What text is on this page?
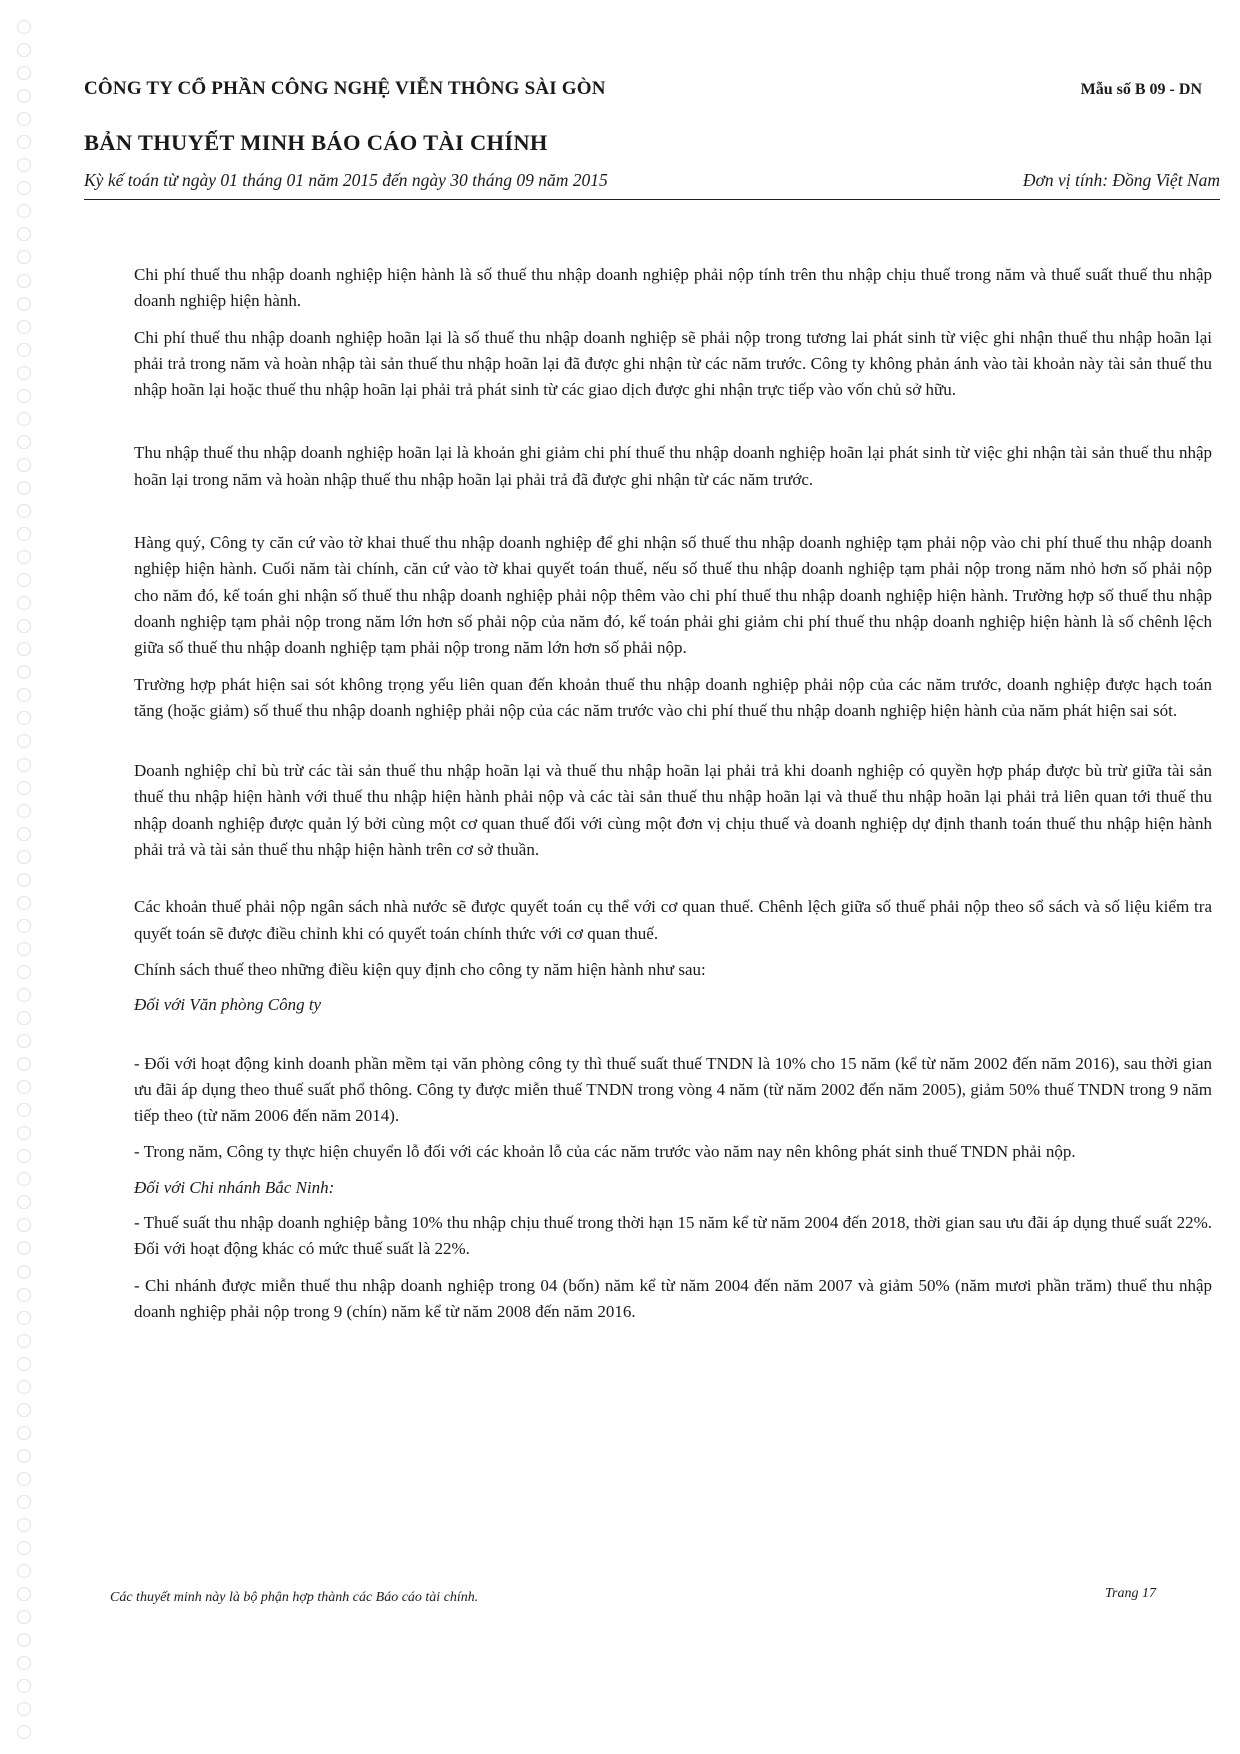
CÔNG TY CỔ PHẦN CÔNG NGHỆ VIỄN THÔNG SÀI GÒN	Mẫu số B 09 - DN
BẢN THUYẾT MINH BÁO CÁO TÀI CHÍNH
Kỳ kế toán từ ngày 01 tháng 01 năm 2015 đến ngày 30 tháng 09 năm 2015	Đơn vị tính: Đồng Việt Nam

Chi phí thuế thu nhập doanh nghiệp hiện hành là số thuế thu nhập doanh nghiệp phải nộp tính trên thu nhập chịu thuế trong năm và thuế suất thuế thu nhập doanh nghiệp hiện hành.

Chi phí thuế thu nhập doanh nghiệp hoãn lại là số thuế thu nhập doanh nghiệp sẽ phải nộp trong tương lai phát sinh từ việc ghi nhận thuế thu nhập hoãn lại phải trả trong năm và hoàn nhập tài sản thuế thu nhập hoãn lại đã được ghi nhận từ các năm trước. Công ty không phản ánh vào tài khoản này tài sản thuế thu nhập hoãn lại hoặc thuế thu nhập hoãn lại phải trả phát sinh từ các giao dịch được ghi nhận trực tiếp vào vốn chủ sở hữu.

Thu nhập thuế thu nhập doanh nghiệp hoãn lại là khoản ghi giảm chi phí thuế thu nhập doanh nghiệp hoãn lại phát sinh từ việc ghi nhận tài sản thuế thu nhập hoãn lại trong năm và hoàn nhập thuế thu nhập hoãn lại phải trả đã được ghi nhận từ các năm trước.

Hàng quý, Công ty căn cứ vào tờ khai thuế thu nhập doanh nghiệp để ghi nhận số thuế thu nhập doanh nghiệp tạm phải nộp vào chi phí thuế thu nhập doanh nghiệp hiện hành. Cuối năm tài chính, căn cứ vào tờ khai quyết toán thuế, nếu số thuế thu nhập doanh nghiệp tạm phải nộp trong năm nhỏ hơn số phải nộp cho năm đó, kế toán ghi nhận số thuế thu nhập doanh nghiệp phải nộp thêm vào chi phí thuế thu nhập doanh nghiệp hiện hành. Trường hợp số thuế thu nhập doanh nghiệp tạm phải nộp trong năm lớn hơn số phải nộp của năm đó, kế toán phải ghi giảm chi phí thuế thu nhập doanh nghiệp hiện hành là số chênh lệch giữa số thuế thu nhập doanh nghiệp tạm phải nộp trong năm lớn hơn số phải nộp.

Trường hợp phát hiện sai sót không trọng yếu liên quan đến khoản thuế thu nhập doanh nghiệp phải nộp của các năm trước, doanh nghiệp được hạch toán tăng (hoặc giảm) số thuế thu nhập doanh nghiệp phải nộp của các năm trước vào chi phí thuế thu nhập doanh nghiệp hiện hành của năm phát hiện sai sót.

Doanh nghiệp chỉ bù trừ các tài sản thuế thu nhập hoãn lại và thuế thu nhập hoãn lại phải trả khi doanh nghiệp có quyền hợp pháp được bù trừ giữa tài sản thuế thu nhập hiện hành với thuế thu nhập hiện hành phải nộp và các tài sản thuế thu nhập hoãn lại và thuế thu nhập hoãn lại phải trả liên quan tới thuế thu nhập doanh nghiệp được quản lý bởi cùng một cơ quan thuế đối với cùng một đơn vị chịu thuế và doanh nghiệp dự định thanh toán thuế thu nhập hiện hành phải trả và tài sản thuế thu nhập hiện hành trên cơ sở thuần.

Các khoản thuế phải nộp ngân sách nhà nước sẽ được quyết toán cụ thể với cơ quan thuế. Chênh lệch giữa số thuế phải nộp theo sổ sách và số liệu kiểm tra quyết toán sẽ được điều chỉnh khi có quyết toán chính thức với cơ quan thuế.

Chính sách thuế theo những điều kiện quy định cho công ty năm hiện hành như sau:

Đối với Văn phòng Công ty

- Đối với hoạt động kinh doanh phần mềm tại văn phòng công ty thì thuế suất thuế TNDN là 10% cho 15 năm (kể từ năm 2002 đến năm 2016), sau thời gian ưu đãi áp dụng theo thuế suất phổ thông. Công ty được miễn thuế TNDN trong vòng 4 năm (từ năm 2002 đến năm 2005), giảm 50% thuế TNDN trong 9 năm tiếp theo (từ năm 2006 đến năm 2014).

- Trong năm, Công ty thực hiện chuyển lỗ đối với các khoản lỗ của các năm trước vào năm nay nên không phát sinh thuế TNDN phải nộp.

Đối với Chi nhánh Bắc Ninh:

- Thuế suất thu nhập doanh nghiệp bằng 10% thu nhập chịu thuế trong thời hạn 15 năm kể từ năm 2004 đến 2018, thời gian sau ưu đãi áp dụng thuế suất 22%. Đối với hoạt động khác có mức thuế suất là 22%.

- Chi nhánh được miễn thuế thu nhập doanh nghiệp trong 04 (bốn) năm kể từ năm 2004 đến năm 2007 và giảm 50% (năm mươi phần trăm) thuế thu nhập doanh nghiệp phải nộp trong 9 (chín) năm kể từ năm 2008 đến năm 2016.

Các thuyết minh này là bộ phận hợp thành các Báo cáo tài chính.	Trang 17
